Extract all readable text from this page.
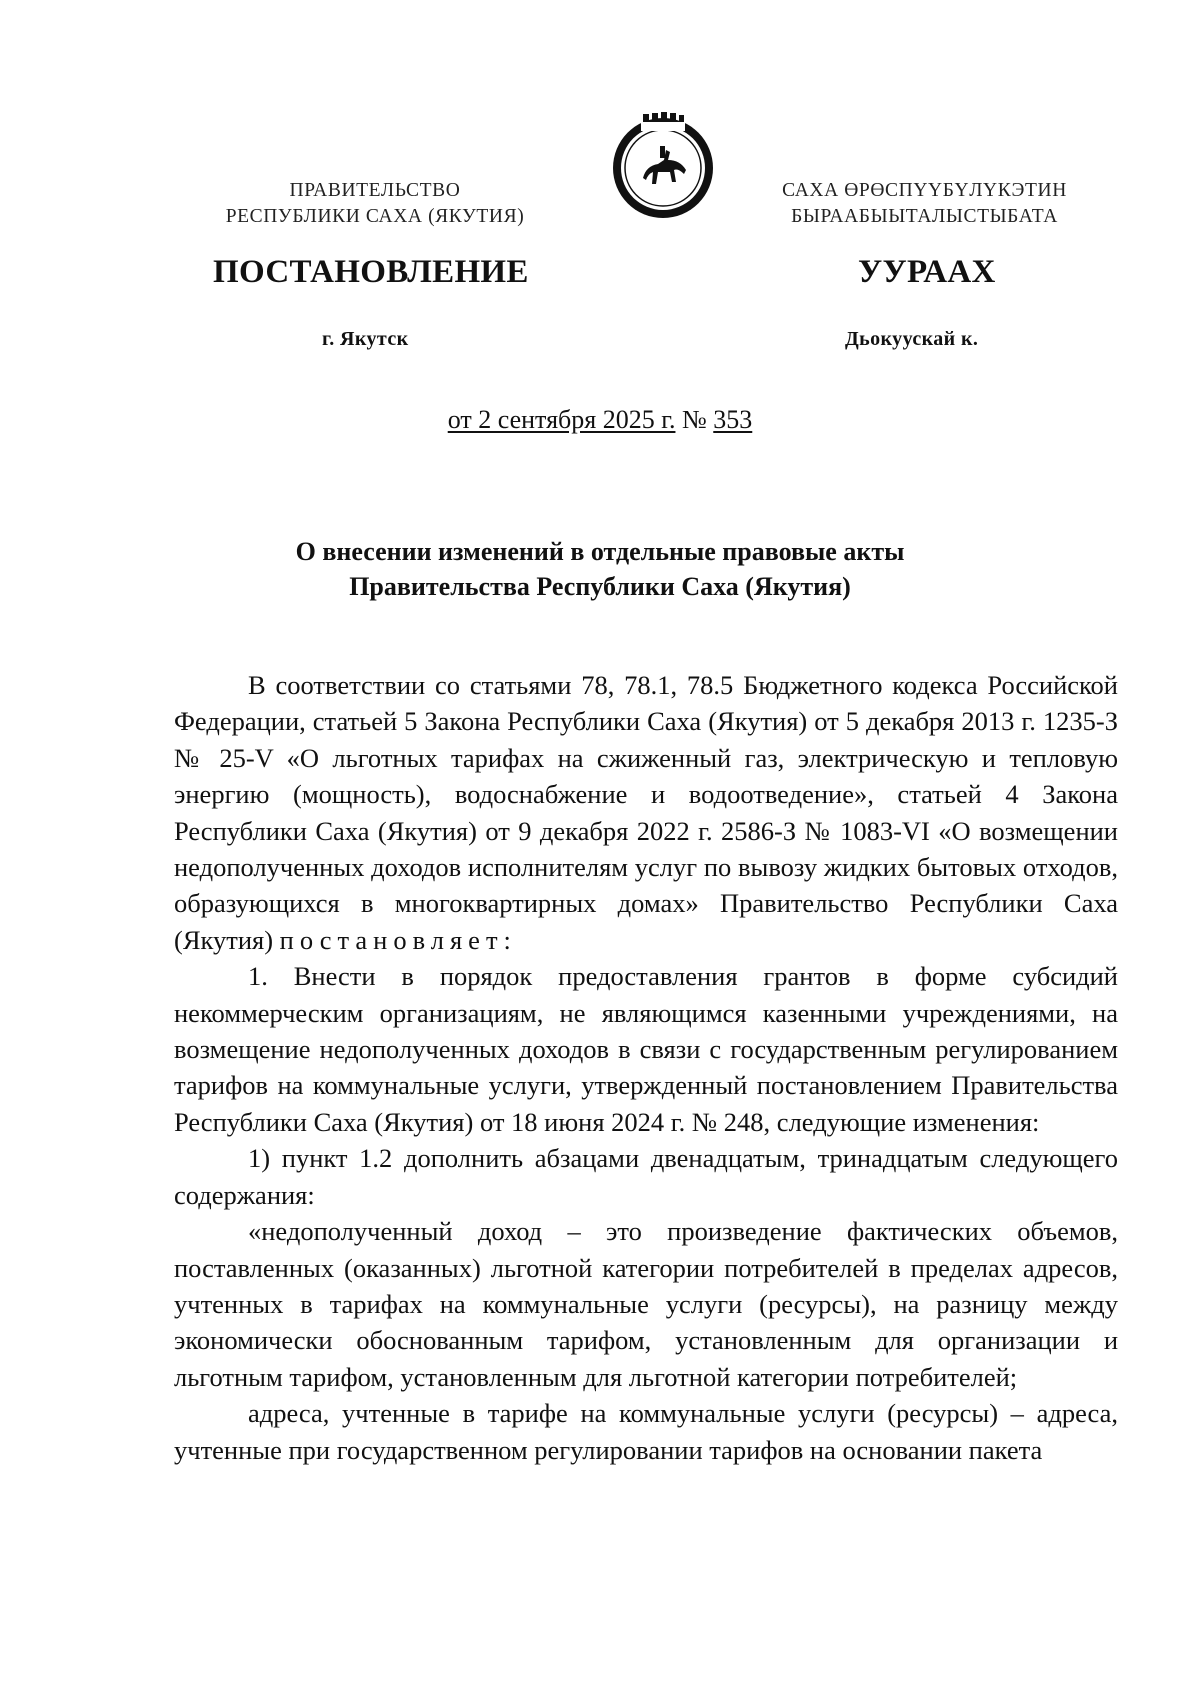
ПРАВИТЕЛЬСТВО
РЕСПУБЛИКИ САХА (ЯКУТИЯ)
САХА ӨРӨСПҮҮБҮЛҮКЭТИН
БЫРААБЫЫТАЛЫСТЫБАТА
ПОСТАНОВЛЕНИЕ	УУРААХ
г. Якутск	Дьокуускай к.
от 2 сентября 2025 г. № 353
О внесении изменений в отдельные правовые акты
Правительства Республики Саха (Якутия)

В соответствии со статьями 78, 78.1, 78.5 Бюджетного кодекса Российской Федерации, статьей 5 Закона Республики Саха (Якутия) от 5 декабря 2013 г. 1235-З № 25-V «О льготных тарифах на сжиженный газ, электрическую и тепловую энергию (мощность), водоснабжение и водоотведение», статьей 4 Закона Республики Саха (Якутия) от 9 декабря 2022 г. 2586-З № 1083-VI «О возмещении недополученных доходов исполнителям услуг по вывозу жидких бытовых отходов, образующихся в многоквартирных домах» Правительство Республики Саха (Якутия) постановляет:

1. Внести в порядок предоставления грантов в форме субсидий некоммерческим организациям, не являющимся казенными учреждениями, на возмещение недополученных доходов в связи с государственным регулированием тарифов на коммунальные услуги, утвержденный постановлением Правительства Республики Саха (Якутия) от 18 июня 2024 г. № 248, следующие изменения:

1) пункт 1.2 дополнить абзацами двенадцатым, тринадцатым следующего содержания:

«недополученный доход – это произведение фактических объемов, поставленных (оказанных) льготной категории потребителей в пределах адресов, учтенных в тарифах на коммунальные услуги (ресурсы), на разницу между экономически обоснованным тарифом, установленным для организации и льготным тарифом, установленным для льготной категории потребителей;

адреса, учтенные в тарифе на коммунальные услуги (ресурсы) – адреса, учтенные при государственном регулировании тарифов на основании пакета
